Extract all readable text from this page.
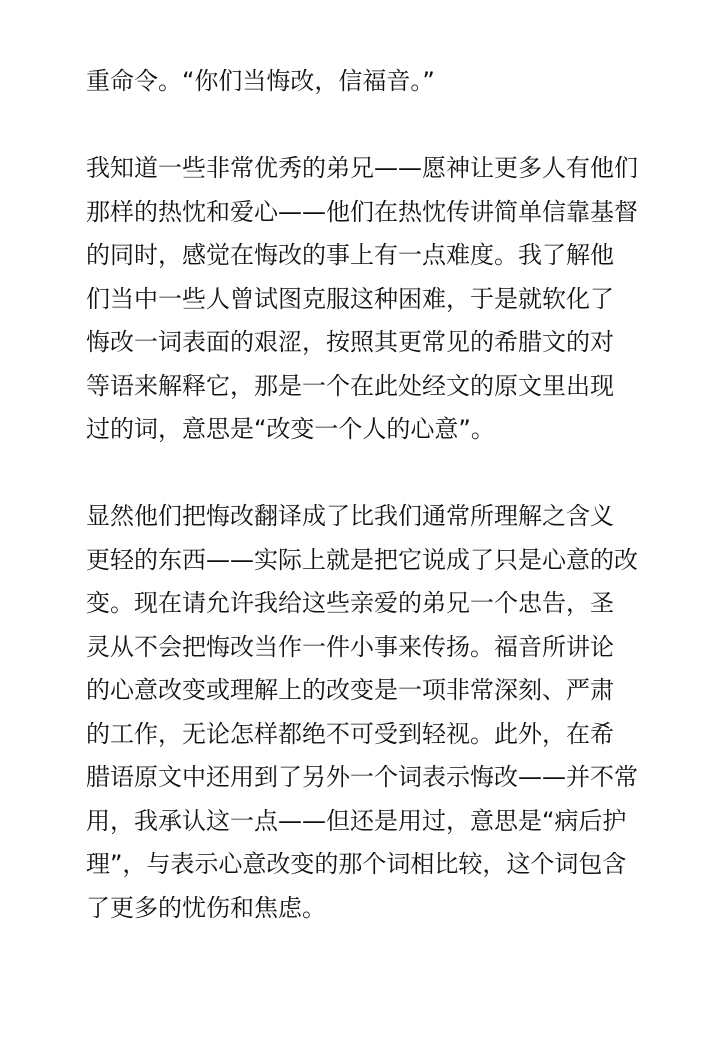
重命令。“你们当悔改，信福音。”

我知道一些非常优秀的弟兄——愿神让更多人有他们
那样的热忱和爱心——他们在热忱传讲简单信靠基督
的同时，感觉在悔改的事上有一点难度。我了解他
们当中一些人曾试图克服这种困难，于是就软化了
悔改一词表面的艰涩，按照其更常见的希腊文的对
等语来解释它，那是一个在此处经文的原文里出现
过的词，意思是“改变一个人的心意”。

显然他们把悔改翻译成了比我们通常所理解之含义
更轻的东西——实际上就是把它说成了只是心意的改
变。现在请允许我给这些亲爱的弟兄一个忠告，圣
灵从不会把悔改当作一件小事来传扬。福音所讲论
的心意改变或理解上的改变是一项非常深刻、严肃
的工作，无论怎样都绝不可受到轻视。此外，在希
腊语原文中还用到了另外一个词表示悔改——并不常
用，我承认这一点——但还是用过，意思是“病后护
理”，与表示心意改变的那个词相比较，这个词包含
了更多的忧伤和焦虑。
